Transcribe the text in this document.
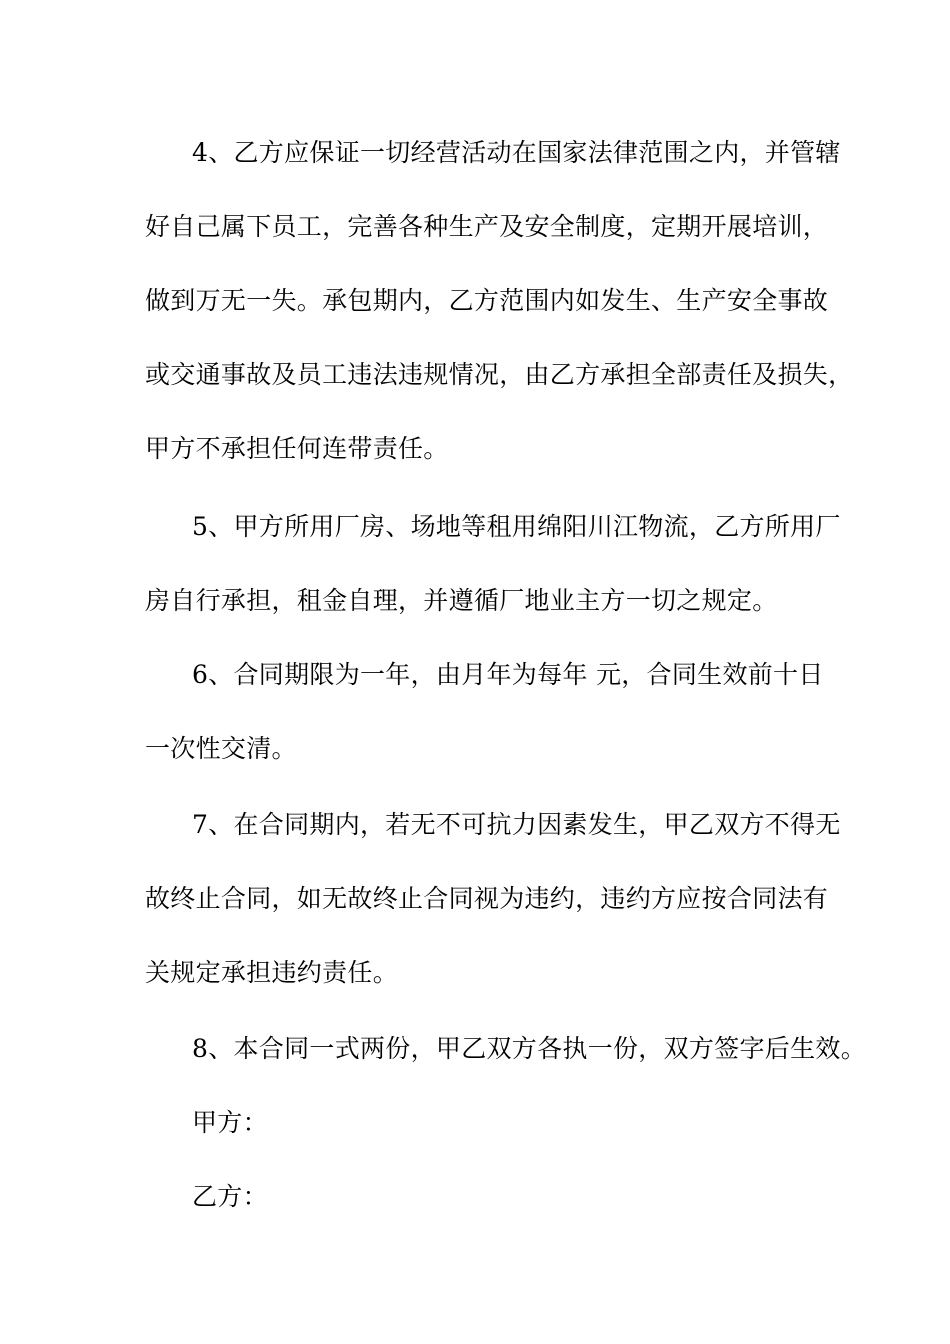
4、乙方应保证一切经营活动在国家法律范围之内，并管辖
好自己属下员工，完善各种生产及安全制度，定期开展培训，
做到万无一失。承包期内，乙方范围内如发生、生产安全事故
或交通事故及员工违法违规情况，由乙方承担全部责任及损失，
甲方不承担任何连带责任。
5、甲方所用厂房、场地等租用绵阳川江物流，乙方所用厂
房自行承担，租金自理，并遵循厂地业主方一切之规定。
6、合同期限为一年，由月年为每年 元，合同生效前十日
一次性交清。
7、在合同期内，若无不可抗力因素发生，甲乙双方不得无
故终止合同，如无故终止合同视为违约，违约方应按合同法有
关规定承担违约责任。
8、本合同一式两份，甲乙双方各执一份，双方签字后生效。
甲方：
乙方：
